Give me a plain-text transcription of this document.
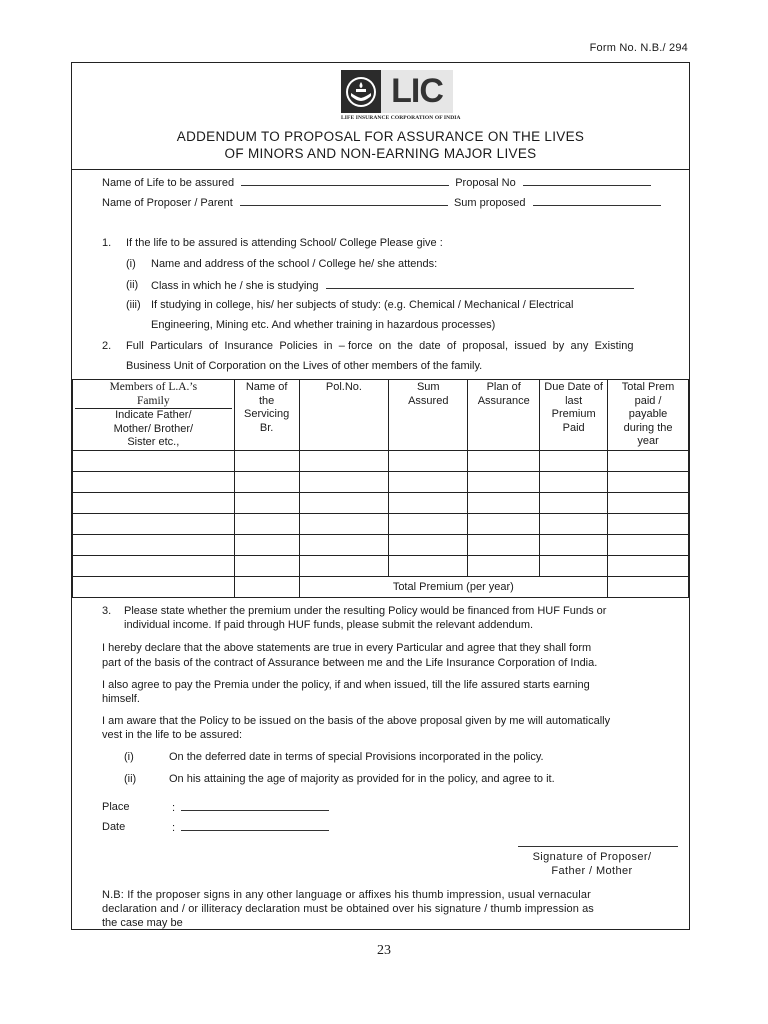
Form No. N.B./ 294
LIC
LIFE INSURANCE CORPORATION OF INDIA
ADDENDUM TO PROPOSAL FOR ASSURANCE ON THE LIVES
OF MINORS AND NON-EARNING MAJOR LIVES
Name of Life to be assured	Proposal No
Name of Proposer / Parent	Sum proposed
1. If the life to be assured is attending School/ College Please give :
(i) Name and address of the school / College he/ she attends:
(ii) Class in which he / she is studying
(iii) If studying in college, his/ her subjects of study: (e.g. Chemical / Mechanical / Electrical
Engineering, Mining etc. And whether training in hazardous processes)
2. Full  Particulars  of  Insurance  Policies  in  – force  on  the  date  of  proposal,  issued  by  any  Existing
Business Unit of Corporation on the Lives of other members of the family.
Members of L.A.’s
Family
Indicate Father/ Mother/ Brother/ Sister etc.,	Name of the Servicing Br.	Pol.No.	Sum Assured	Plan of Assurance	Due Date of last Premium Paid	Total Prem paid / payable during the year

		Total Premium (per year)				
3. Please state whether the premium under the resulting Policy would be financed from HUF Funds or
individual income. If paid through HUF funds, please submit the relevant addendum.
I hereby declare that the above statements are true in every Particular and agree that they shall form
part of the basis of the contract of Assurance between me and the Life Insurance Corporation of India.
I also agree to pay the Premia under the policy, if and when issued, till the life assured starts earning
himself.
I am aware that the Policy to be issued on the basis of the above proposal given by me will automatically
vest in the life to be assured:
(i)	On the deferred date in terms of special Provisions incorporated in the policy.
(ii)	On his attaining the age of majority as provided for in the policy, and agree to it.
Place	:
Date	:
Signature of Proposer/
Father / Mother
N.B: If the proposer signs in any other language or affixes his thumb impression, usual vernacular
declaration and / or illiteracy declaration must be obtained over his signature / thumb impression as
the case may be
23
